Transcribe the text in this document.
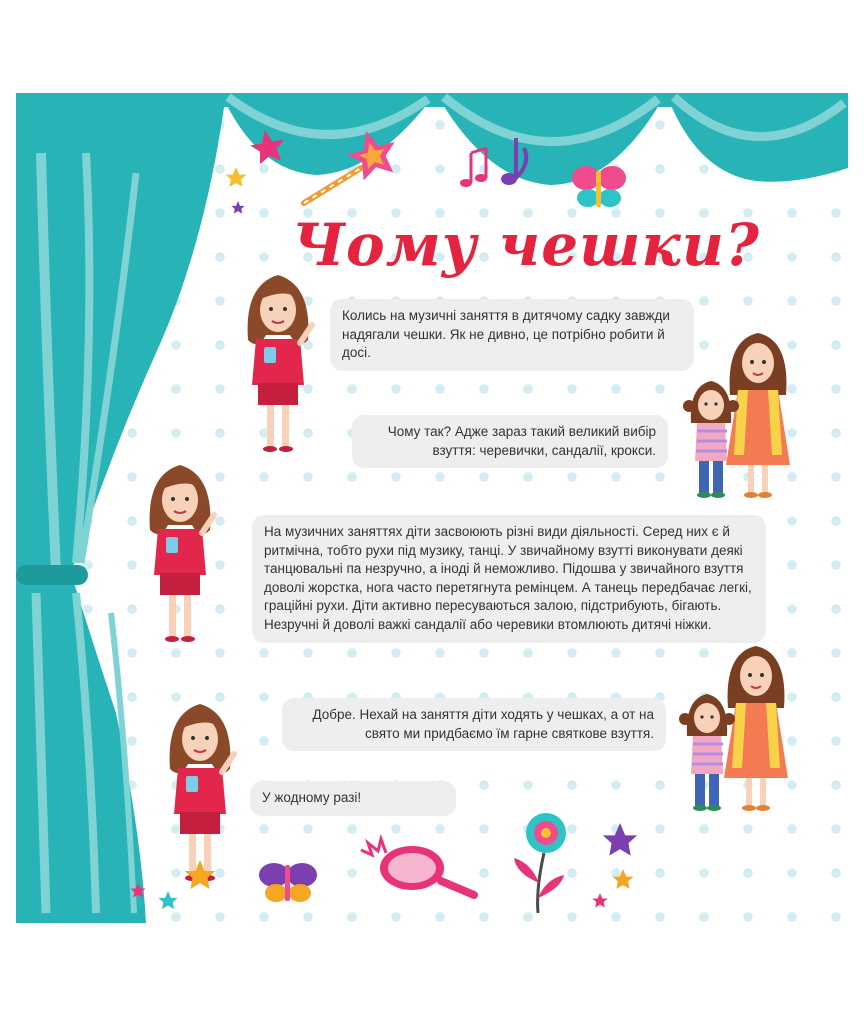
Чому чешки?
Колись на музичні заняття в дитячому садку завжди надягали чешки. Як не дивно, це потрібно робити й досі.
Чому так? Адже зараз такий великий вибір взуття: черевички, сандалії, крокси.
На музичних заняттях діти засвоюють різні види діяльності. Серед них є й ритмічна, тобто рухи під музику, танці. У звичайному взутті виконувати деякі танцювальні па незручно, а іноді й неможливо. Підошва у звичайного взуття доволі жорстка, нога часто перетягнута ремінцем. А танець передбачає легкі, грацiйні рухи. Діти активно пересуваються залою, підстрибують, бігають. Незручні й доволі важкі сандалії або черевики втомлюють дитячі ніжки.
Добре. Нехай на заняття діти ходять у чешках, а от на свято ми придбаємо їм гарне святкове взуття.
У жодному разі!
